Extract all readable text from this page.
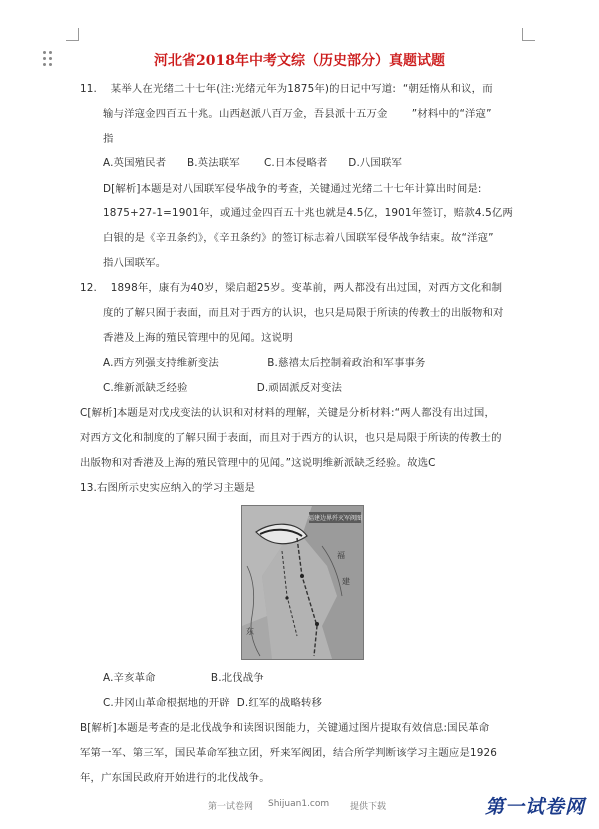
河北省2018年中考文综（历史部分）真题试题
11.    某举人在光绪二十七年(注:光绪元年为1875年)的日记中写道:  “朝廷惰从和议，而
输与洋寇金四百五十兆。山西赵派八百万金，吾县派十五万金       ”材料中的“洋寇”
指
A.英国殖民者      B.英法联军       C.日本侵略者      D.八国联军
D[解析]本题是对八国联军侵华战争的考查，关键通过光绪二十七年计算出时间是:
1875+27-1=1901年，或通过金四百五十兆也就是4.5亿，1901年签订，赔款4.5亿两
白银的是《辛丑条约》，《辛丑条约》的签订标志着八国联军侵华战争结束。故“洋寇”
指八国联军。
12.    1898年，康有为40岁，梁启超25岁。变革前，两人都没有出过国，对西方文化和制
度的了解只囿于表面，而且对于西方的认识，也只是局限于所读的传教士的出版物和对
香港及上海的殖民管理中的见闻。这说明
A.西方列强支持维新变法              B.慈禧太后控制着政治和军事事务
C.维新派缺乏经验                    D.顽固派反对变法
C[解析]本题是对戊戌变法的认识和对材料的理解，关键是分析材料:“两人都没有出过国，
对西方文化和制度的了解只囿于表面，而且对于西方的认识，也只是局限于所读的传教士的
出版物和对香港及上海的殖民管理中的见闻。”这说明维新派缺乏经验。故选C
13.右图所示史实应纳入的学习主题是
福建边界歼灭军阀图
福
建
东
A.辛亥革命                B.北伐战争
C.井冈山革命根据地的开辟  D.红军的战略转移
B[解析]本题是考查的是北伐战争和读图识图能力，关键通过图片提取有效信息:国民革命
军第一军、第三军，国民革命军独立团，歼来军阀团，结合所学判断该学习主题应是1926
年，广东国民政府开始进行的北伐战争。
第一试卷网 Shijuan1.com 提供下载	第一试卷网
